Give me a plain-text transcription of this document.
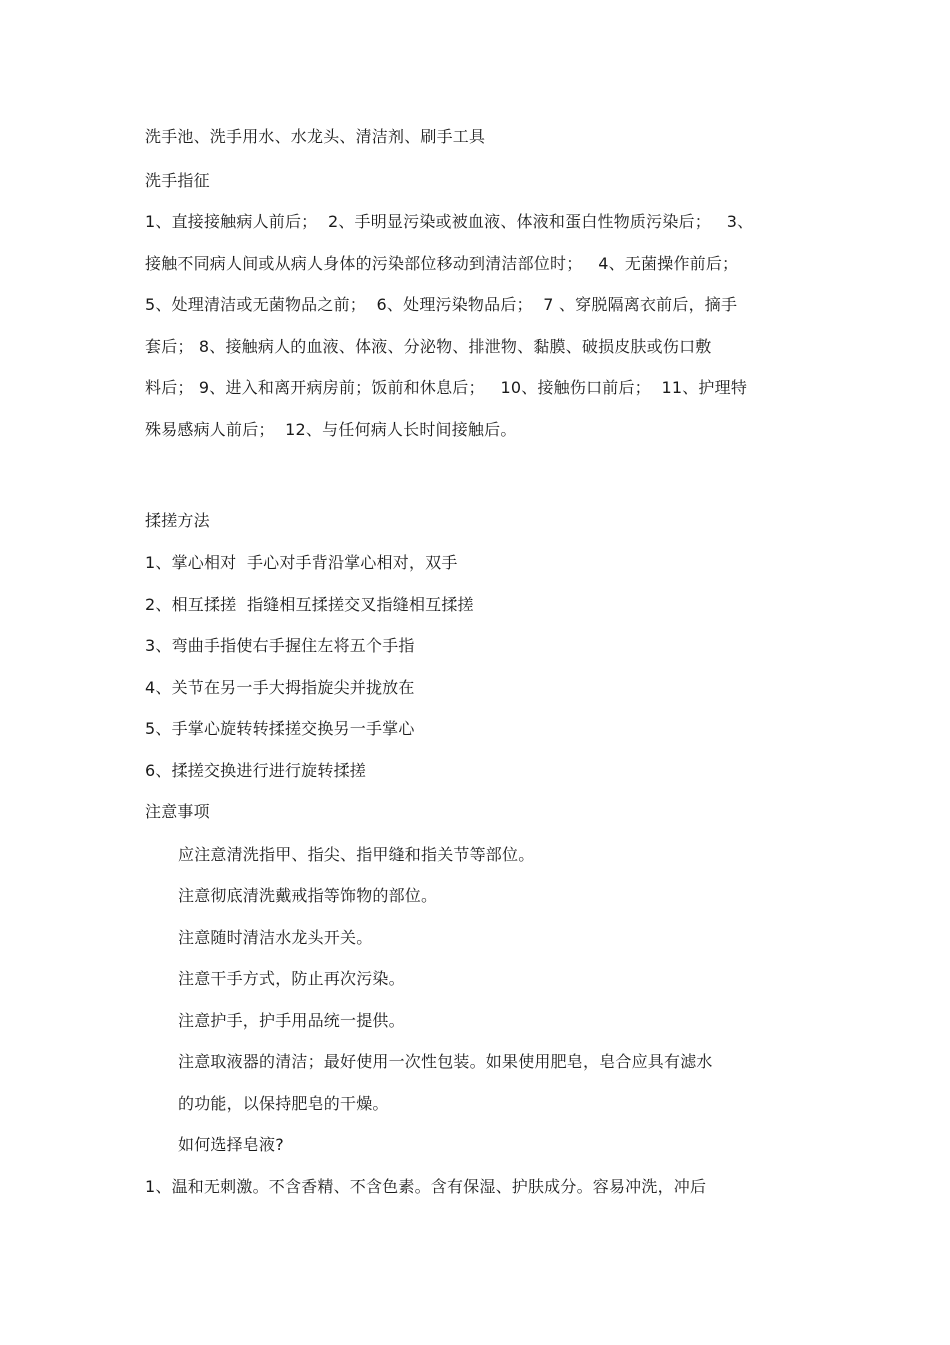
洗手池、洗手用水、水龙头、清洁剂、刷手工具
洗手指征
1、直接接触病人前后；  2、手明显污染或被血液、体液和蛋白性物质污染后；   3、
接触不同病人间或从病人身体的污染部位移动到清洁部位时；   4、无菌操作前后；
5、处理清洁或无菌物品之前；  6、处理污染物品后；  7 、穿脱隔离衣前后，摘手
套后； 8、接触病人的血液、体液、分泌物、排泄物、黏膜、破损皮肤或伤口敷
料后； 9、进入和离开病房前；饭前和休息后；   10、接触伤口前后；  11、护理特
殊易感病人前后；  12、与任何病人长时间接触后。
揉搓方法
1、掌心相对  手心对手背沿掌心相对，双手
2、相互揉搓  指缝相互揉搓交叉指缝相互揉搓
3、弯曲手指使右手握住左将五个手指
4、关节在另一手大拇指旋尖并拢放在
5、手掌心旋转转揉搓交换另一手掌心
6、揉搓交换进行进行旋转揉搓
注意事项
应注意清洗指甲、指尖、指甲缝和指关节等部位。
注意彻底清洗戴戒指等饰物的部位。
注意随时清洁水龙头开关。
注意干手方式，防止再次污染。
注意护手，护手用品统一提供。
注意取液器的清洁；最好使用一次性包装。如果使用肥皂，皂合应具有滤水
的功能，以保持肥皂的干燥。
如何选择皂液?
1、温和无刺激。不含香精、不含色素。含有保湿、护肤成分。容易冲洗，冲后
